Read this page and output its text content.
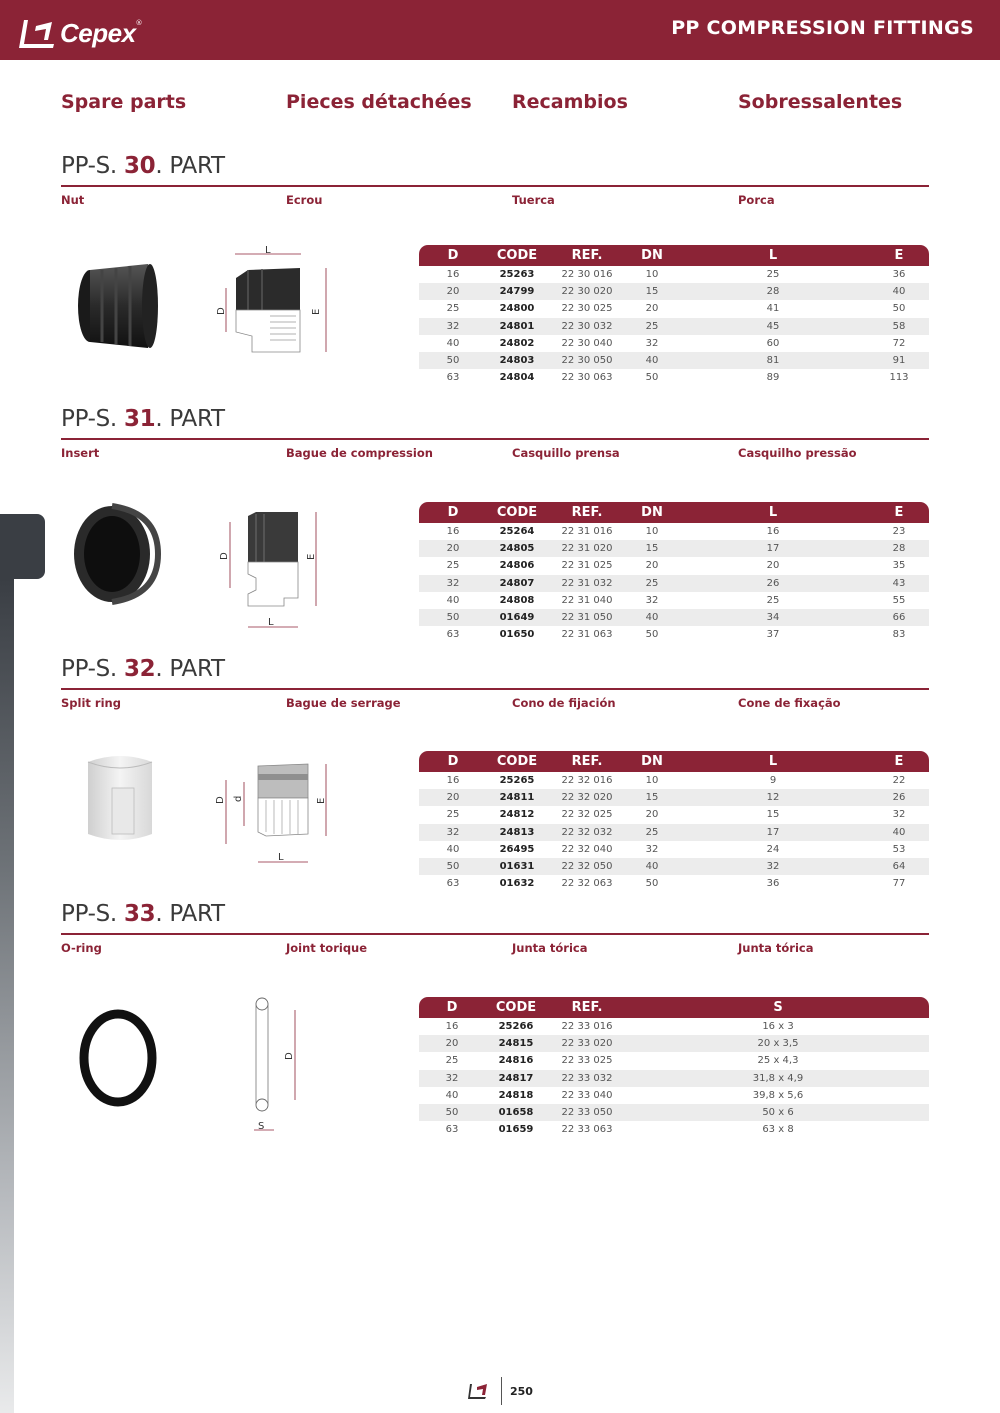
Cepex ®	PP COMPRESSION FITTINGS
Spare parts	Pieces détachées Recambios	Sobressalentes
PP-S. 30. PART
Nut	Ecrou	Tuerca	Porca
L
D	E
D	CODE	REF.	DN	L	E
16	25263	22 30 016	10	25	36
20	24799	22 30 020	15	28	40
25	24800	22 30 025	20	41	50
32	24801	22 30 032	25	45	58
40	24802	22 30 040	32	60	72
50	24803	22 30 050	40	81	91
63	24804	22 30 063	50	89	113
PP-S. 31. PART
Insert	Bague de compression	Casquillo prensa	Casquilho pressão
D	E
L
D	CODE	REF.	DN	L	E
16	25264	22 31 016	10	16	23
20	24805	22 31 020	15	17	28
25	24806	22 31 025	20	20	35
32	24807	22 31 032	25	26	43
40	24808	22 31 040	32	25	55
50	01649	22 31 050	40	34	66
63	01650	22 31 063	50	37	83
PP-S. 32. PART
Split ring	Bague de serrage	Cono de fijación	Cone de fixação
D d	E
L
D	CODE	REF.	DN	L	E
16	25265	22 32 016	10	9	22
20	24811	22 32 020	15	12	26
25	24812	22 32 025	20	15	32
32	24813	22 32 032	25	17	40
40	26495	22 32 040	32	24	53
50	01631	22 32 050	40	32	64
63	01632	22 32 063	50	36	77
PP-S. 33. PART
O-ring	Joint torique	Junta tórica	Junta tórica
D
S
D	CODE	REF.	S
16	25266	22 33 016	16 x 3
20	24815	22 33 020	20 x 3,5
25	24816	22 33 025	25 x 4,3
32	24817	22 33 032	31,8 x 4,9
40	24818	22 33 040	39,8 x 5,6
50	01658	22 33 050	50 x 6
63	01659	22 33 063	63 x 8
250
